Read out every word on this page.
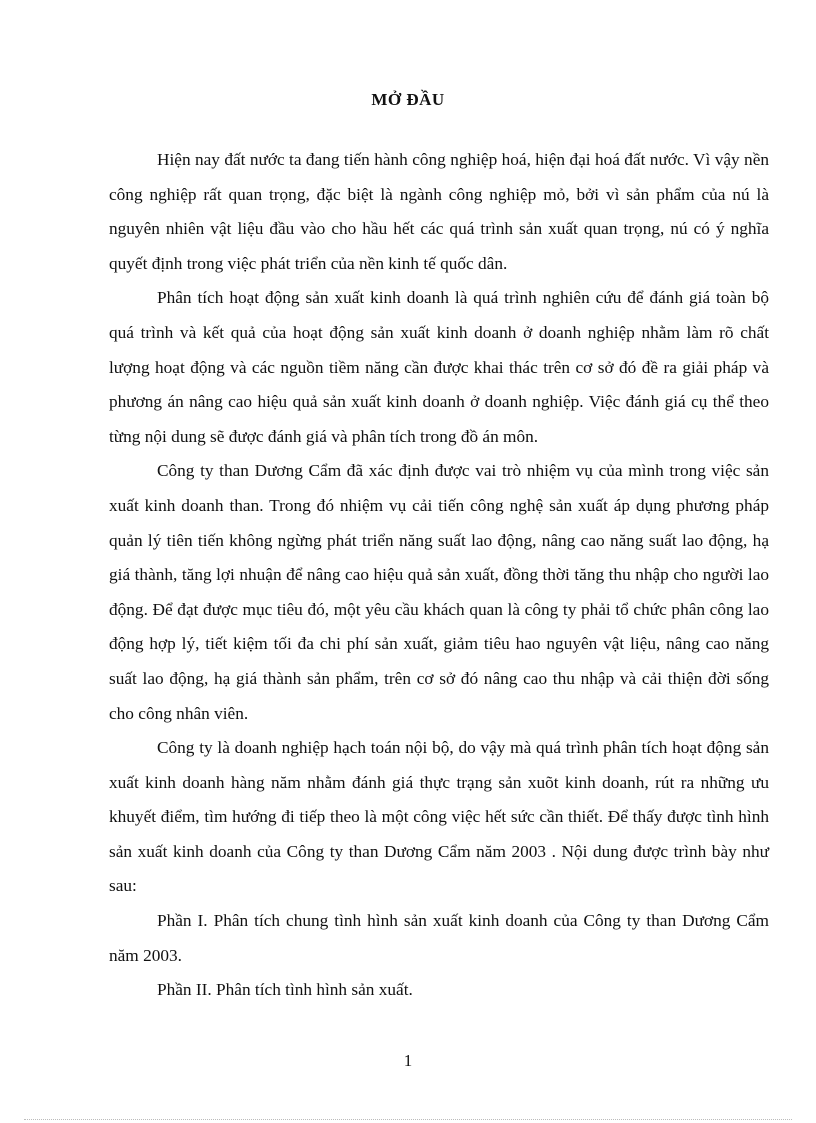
MỞ ĐẦU

Hiện nay đất nước ta đang tiến hành công nghiệp hoá, hiện đại hoá đất nước. Vì vậy nền công nghiệp rất quan trọng, đặc biệt là ngành công nghiệp mỏ, bởi vì sản phẩm của nú là nguyên nhiên vật liệu đầu vào cho hầu hết các quá trình sản xuất quan trọng, nú có ý nghĩa quyết định trong việc phát triển của nền kinh tế quốc dân.

Phân tích hoạt động sản xuất kinh doanh là quá trình nghiên cứu để đánh giá toàn bộ quá trình và kết quả của hoạt động sản xuất kinh doanh ở doanh nghiệp nhằm làm rõ chất lượng hoạt động và các nguồn tiềm năng cần được khai thác trên cơ sở đó đề ra giải pháp và phương án nâng cao hiệu quả sản xuất kinh doanh ở doanh nghiệp. Việc đánh giá cụ thể theo từng nội dung sẽ được đánh giá và phân tích trong đồ án môn.

Công ty than Dương Cẩm đã xác định được vai trò nhiệm vụ của mình trong việc sản xuất kinh doanh than. Trong đó nhiệm vụ cải tiến công nghệ sản xuất áp dụng phương pháp quản lý tiên tiến không ngừng phát triển năng suất lao động, nâng cao năng suất lao động, hạ giá thành, tăng lợi nhuận để nâng cao hiệu quả sản xuất, đồng thời tăng thu nhập cho người lao động. Để đạt được mục tiêu đó, một yêu cầu khách quan là công ty phải tổ chức phân công lao động hợp lý, tiết kiệm tối đa chi phí sản xuất, giảm tiêu hao nguyên vật liệu, nâng cao năng suất lao động, hạ giá thành sản phẩm, trên cơ sở đó nâng cao thu nhập và cải thiện đời sống cho công nhân viên.

Công ty là doanh nghiệp hạch toán nội bộ, do vậy mà quá trình phân tích hoạt động sản xuất kinh doanh hàng năm nhằm đánh giá thực trạng sản xuõt kinh doanh, rút ra những ưu khuyết điểm, tìm hướng đi tiếp theo là một công việc hết sức cần thiết. Để thấy được tình hình sản xuất kinh doanh của Công ty than Dương Cẩm năm 2003 . Nội dung được trình bày như sau:

Phần I. Phân tích chung tình hình sản xuất kinh doanh của Công ty than Dương Cẩm năm 2003.

Phần II. Phân tích tình hình sản xuất.

1
